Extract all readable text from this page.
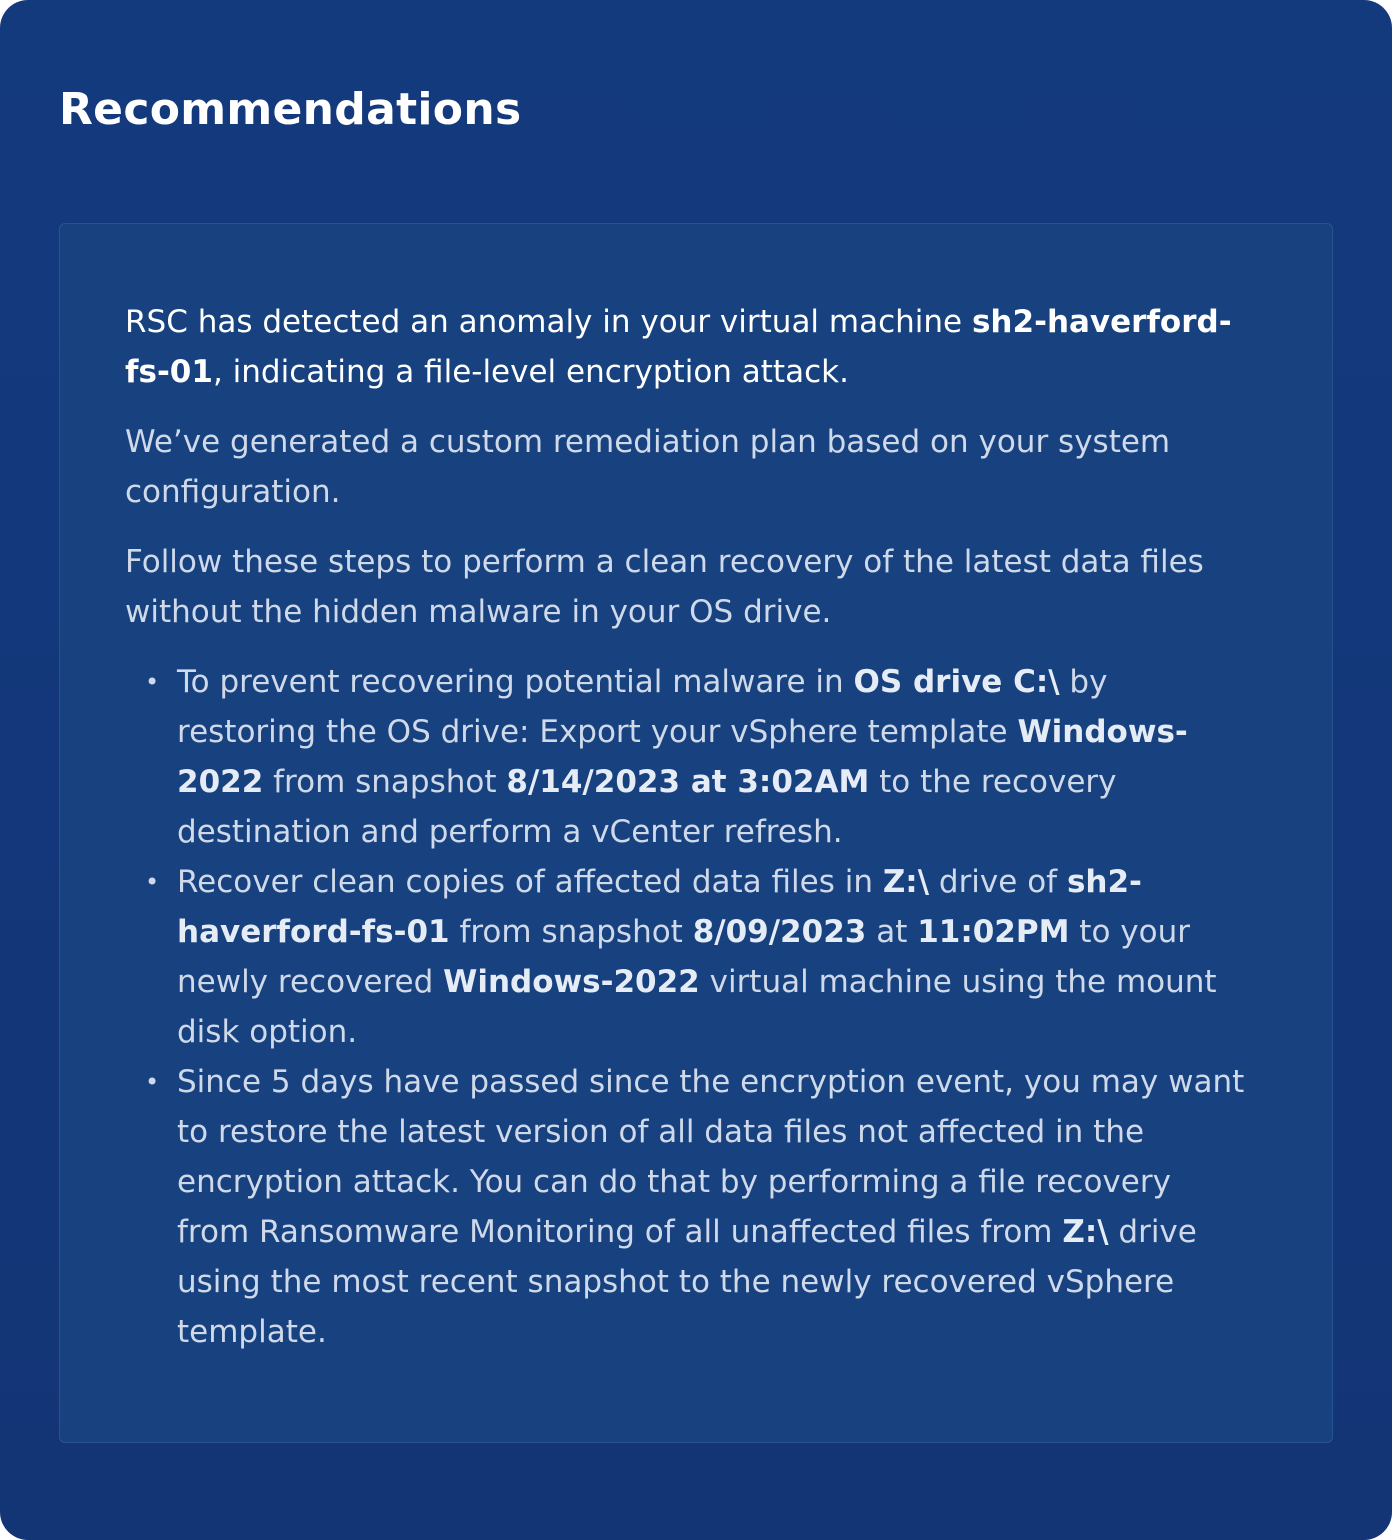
Recommendations

RSC has detected an anomaly in your virtual machine sh2-haverford-fs-01, indicating a file-level encryption attack.

We’ve generated a custom remediation plan based on your system configuration.

Follow these steps to perform a clean recovery of the latest data files without the hidden malware in your OS drive.

• To prevent recovering potential malware in OS drive C:\ by restoring the OS drive: Export your vSphere template Windows-2022 from snapshot 8/14/2023 at 3:02AM to the recovery destination and perform a vCenter refresh.
• Recover clean copies of affected data files in Z:\ drive of sh2-haverford-fs-01 from snapshot 8/09/2023 at 11:02PM to your newly recovered Windows-2022 virtual machine using the mount disk option.
• Since 5 days have passed since the encryption event, you may want to restore the latest version of all data files not affected in the encryption attack. You can do that by performing a file recovery from Ransomware Monitoring of all unaffected files from Z:\ drive using the most recent snapshot to the newly recovered vSphere template.
